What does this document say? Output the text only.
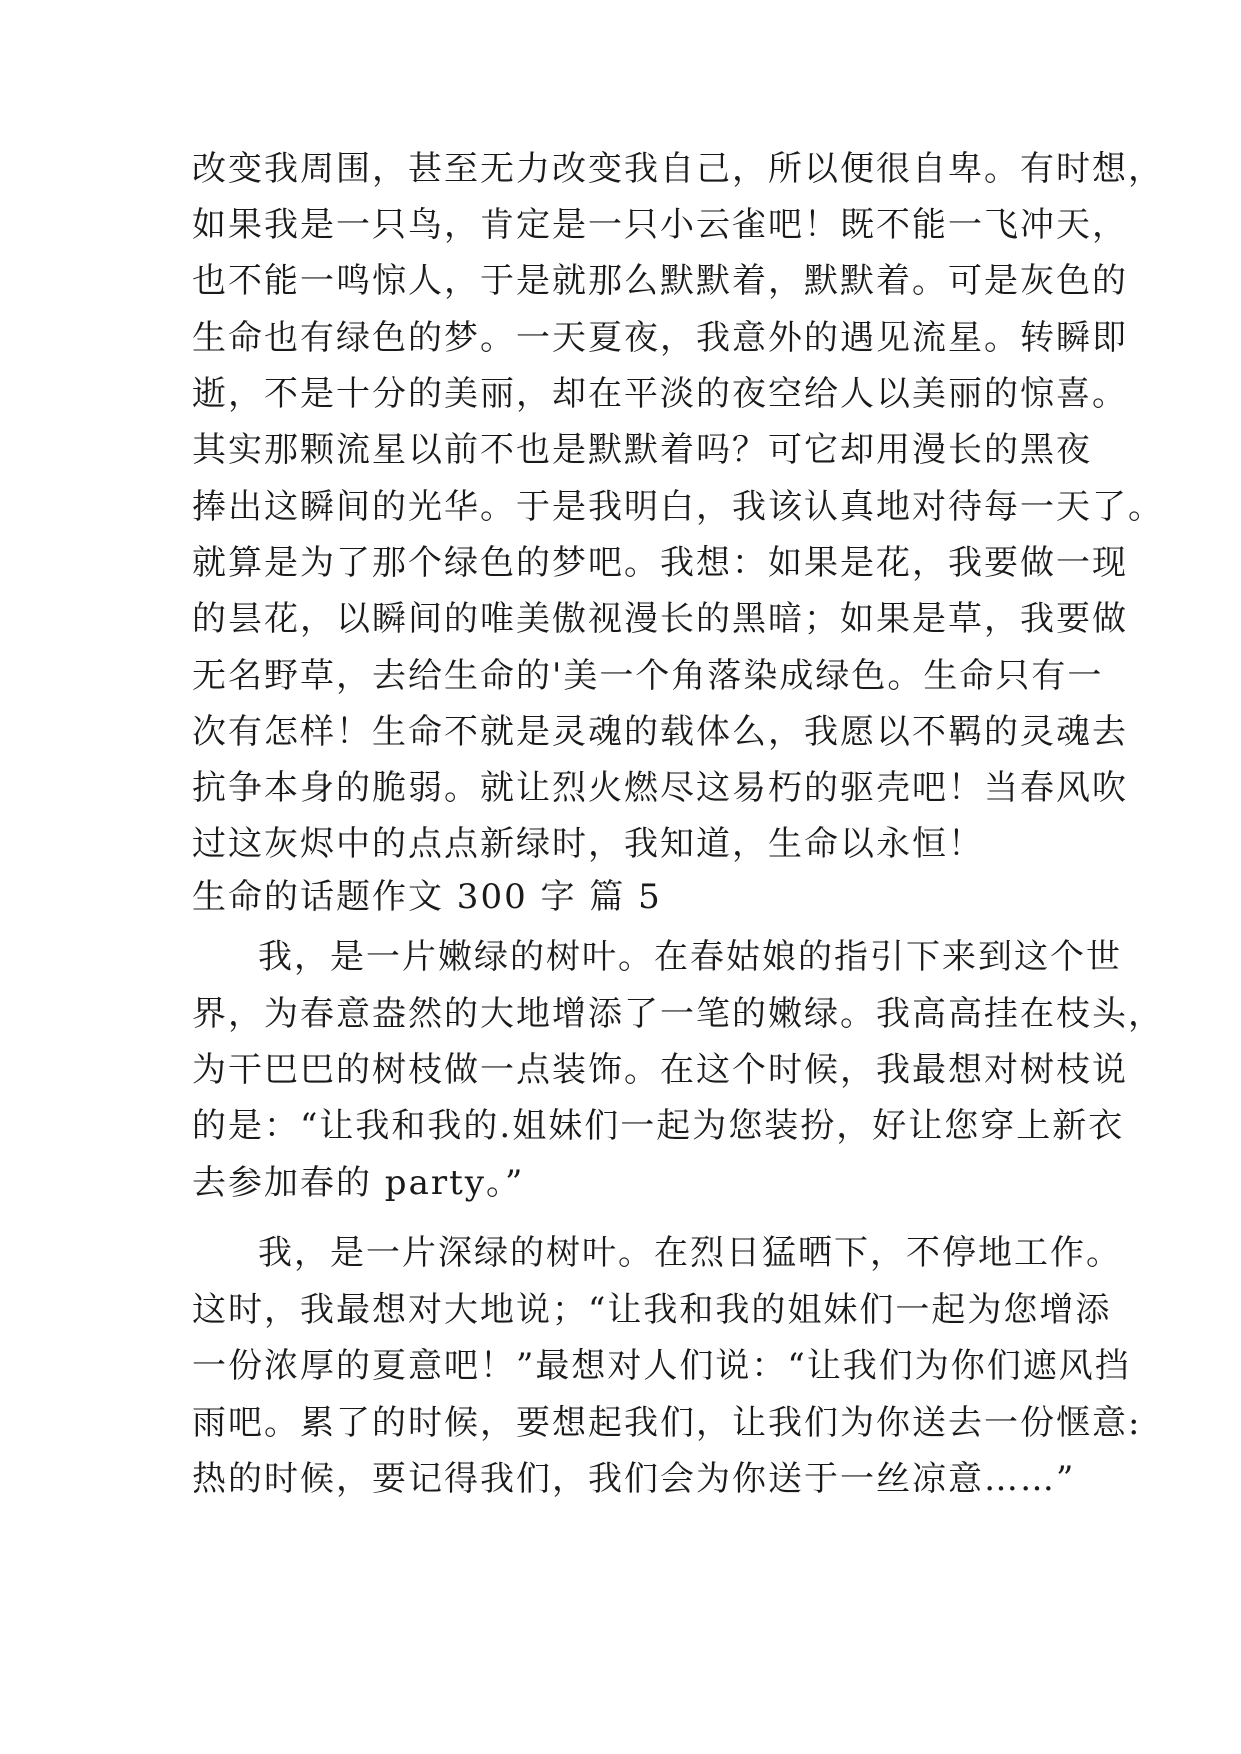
改变我周围，甚至无力改变我自己，所以便很自卑。有时想，
如果我是一只鸟，肯定是一只小云雀吧！既不能一飞冲天，
也不能一鸣惊人，于是就那么默默着，默默着。可是灰色的
生命也有绿色的梦。一天夏夜，我意外的遇见流星。转瞬即
逝，不是十分的美丽，却在平淡的夜空给人以美丽的惊喜。
其实那颗流星以前不也是默默着吗？可它却用漫长的黑夜
捧出这瞬间的光华。于是我明白，我该认真地对待每一天了。
就算是为了那个绿色的梦吧。我想：如果是花，我要做一现
的昙花，以瞬间的唯美傲视漫长的黑暗；如果是草，我要做
无名野草，去给生命的'美一个角落染成绿色。生命只有一
次有怎样！生命不就是灵魂的载体么，我愿以不羁的灵魂去
抗争本身的脆弱。就让烈火燃尽这易朽的驱壳吧！当春风吹
过这灰烬中的点点新绿时，我知道，生命以永恒！
生命的话题作文 300 字 篇 5
我，是一片嫩绿的树叶。在春姑娘的指引下来到这个世
界，为春意盎然的大地增添了一笔的嫩绿。我高高挂在枝头，
为干巴巴的树枝做一点装饰。在这个时候，我最想对树枝说
的是：“让我和我的.姐妹们一起为您装扮，好让您穿上新衣
去参加春的 party。”
我，是一片深绿的树叶。在烈日猛晒下，不停地工作。
这时，我最想对大地说；“让我和我的姐妹们一起为您增添
一份浓厚的夏意吧！”最想对人们说：“让我们为你们遮风挡
雨吧。累了的时候，要想起我们，让我们为你送去一份惬意:
热的时候，要记得我们，我们会为你送于一丝凉意……”
